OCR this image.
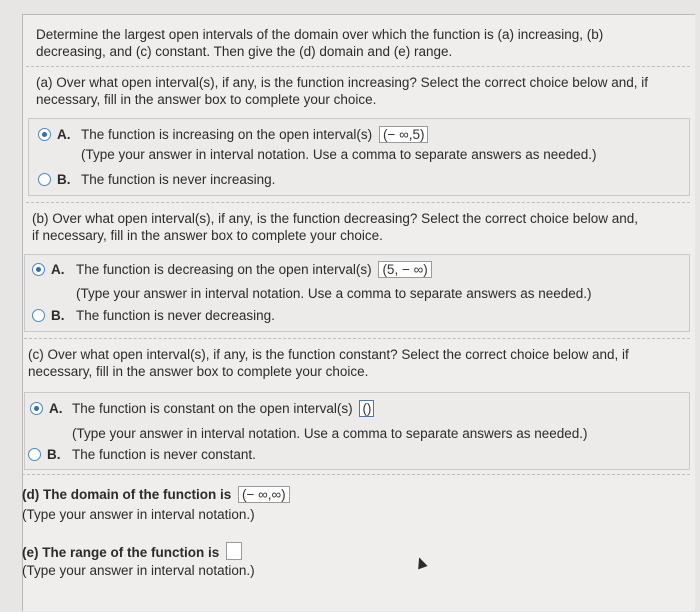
Determine the largest open intervals of the domain over which the function is (a) increasing, (b)
decreasing, and (c) constant. Then give the (d) domain and (e) range.
(a) Over what open interval(s), if any, is the function increasing? Select the correct choice below and, if
necessary, fill in the answer box to complete your choice.
A. The function is increasing on the open interval(s) (− ∞,5)
(Type your answer in interval notation. Use a comma to separate answers as needed.)
B. The function is never increasing.
(b) Over what open interval(s), if any, is the function decreasing? Select the correct choice below and,
if necessary, fill in the answer box to complete your choice.
A. The function is decreasing on the open interval(s) (5, − ∞)
(Type your answer in interval notation. Use a comma to separate answers as needed.)
B. The function is never decreasing.
(c) Over what open interval(s), if any, is the function constant? Select the correct choice below and, if
necessary, fill in the answer box to complete your choice.
A. The function is constant on the open interval(s) ()
(Type your answer in interval notation. Use a comma to separate answers as needed.)
B. The function is never constant.
(d) The domain of the function is (− ∞,∞)
(Type your answer in interval notation.)
(e) The range of the function is
(Type your answer in interval notation.)
